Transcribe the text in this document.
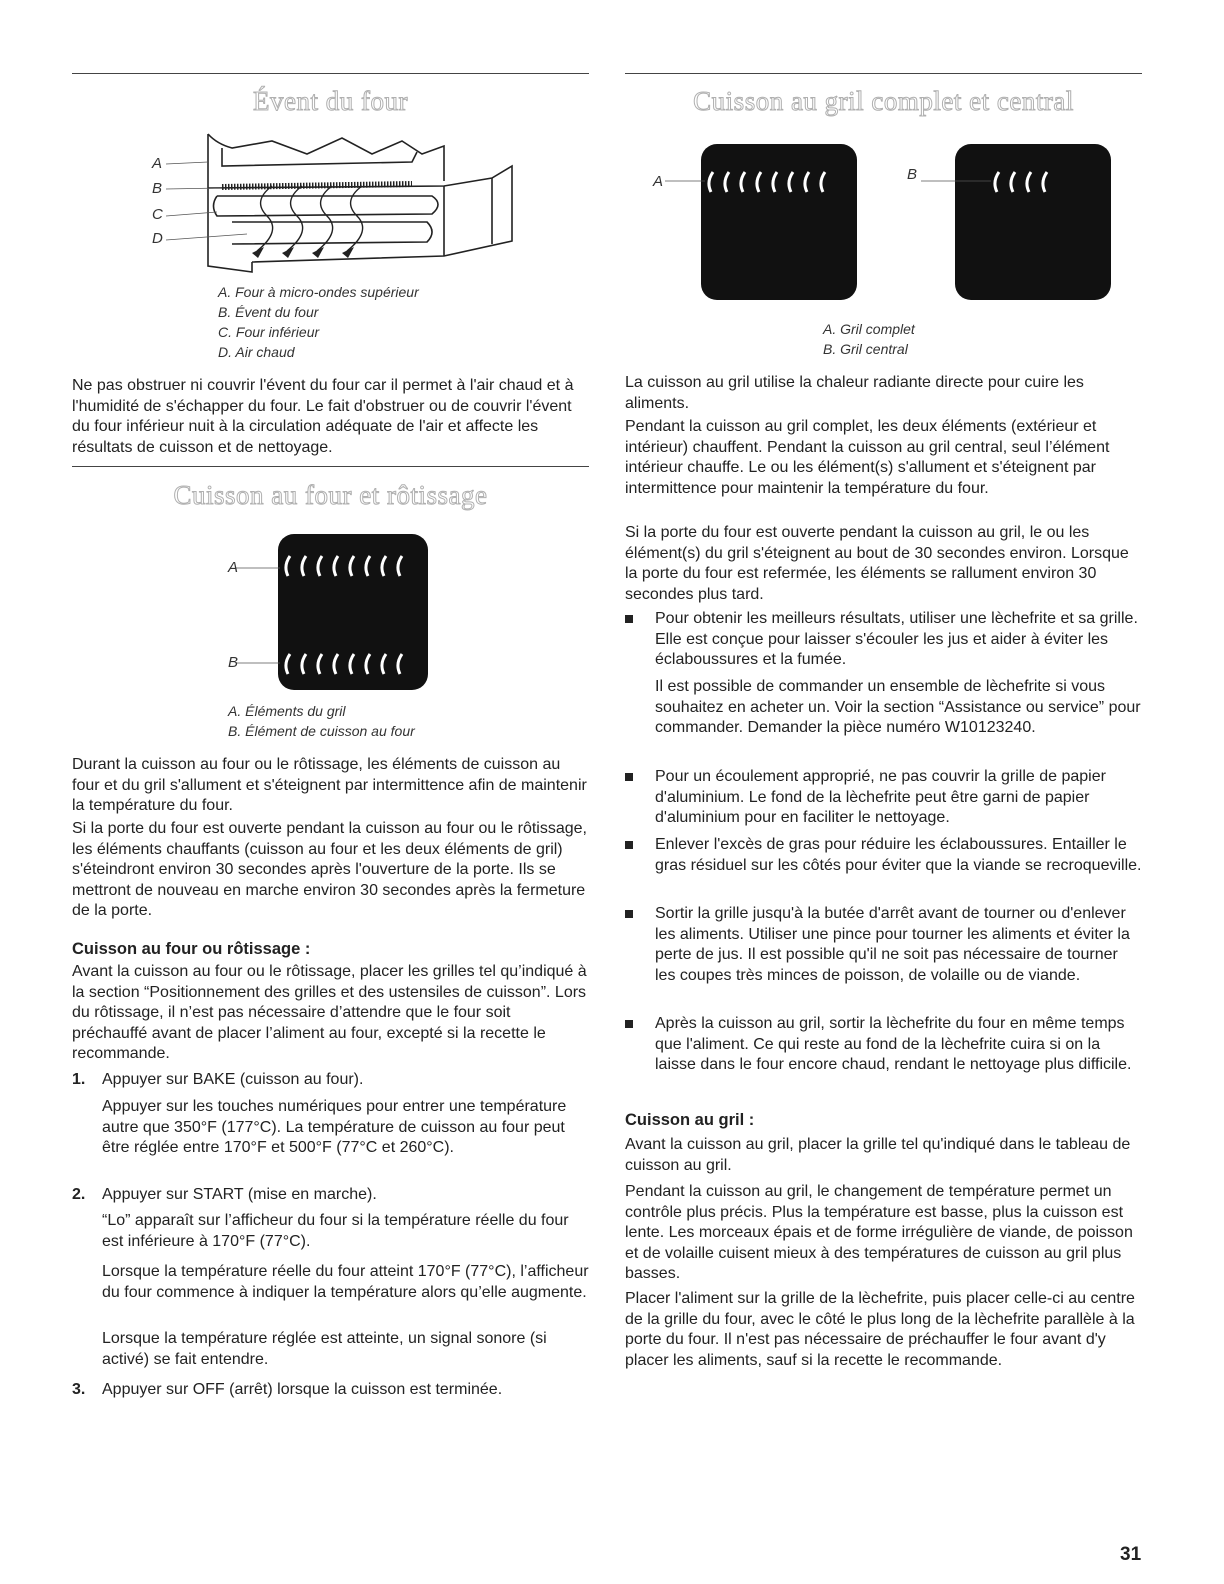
Évent du four
A
B
C
D
A. Four à micro-ondes supérieur
B. Évent du four
C. Four inférieur
D. Air chaud

Ne pas obstruer ni couvrir l'évent du four car il permet à l'air chaud et à l'humidité de s'échapper du four. Le fait d'obstruer ou de couvrir l'évent du four inférieur nuit à la circulation adéquate de l'air et affecte les résultats de cuisson et de nettoyage.

Cuisson au four et rôtissage
A
B
A. Éléments du gril
B. Élément de cuisson au four

Durant la cuisson au four ou le rôtissage, les éléments de cuisson au four et du gril s'allument et s'éteignent par intermittence afin de maintenir la température du four.

Si la porte du four est ouverte pendant la cuisson au four ou le rôtissage, les éléments chauffants (cuisson au four et les deux éléments de gril) s'éteindront environ 30 secondes après l'ouverture de la porte. Ils se mettront de nouveau en marche environ 30 secondes après la fermeture de la porte.

Cuisson au four ou rôtissage :

Avant la cuisson au four ou le rôtissage, placer les grilles tel qu’indiqué à la section “Positionnement des grilles et des ustensiles de cuisson”. Lors du rôtissage, il n’est pas nécessaire d’attendre que le four soit préchauffé avant de placer l’aliment au four, excepté si la recette le recommande.

1. Appuyer sur BAKE (cuisson au four).
Appuyer sur les touches numériques pour entrer une température autre que 350°F (177°C). La température de cuisson au four peut être réglée entre 170°F et 500°F (77°C et 260°C).
2. Appuyer sur START (mise en marche).
“Lo” apparaît sur l’afficheur du four si la température réelle du four est inférieure à 170°F (77°C).
Lorsque la température réelle du four atteint 170°F (77°C), l’afficheur du four commence à indiquer la température alors qu’elle augmente.
Lorsque la température réglée est atteinte, un signal sonore (si activé) se fait entendre.
3. Appuyer sur OFF (arrêt) lorsque la cuisson est terminée.
Cuisson au gril complet et central
A	B
A. Gril complet
B. Gril central

La cuisson au gril utilise la chaleur radiante directe pour cuire les aliments.

Pendant la cuisson au gril complet, les deux éléments (extérieur et intérieur) chauffent. Pendant la cuisson au gril central, seul l’élément intérieur chauffe. Le ou les élément(s) s'allument et s'éteignent par intermittence pour maintenir la température du four.

Si la porte du four est ouverte pendant la cuisson au gril, le ou les élément(s) du gril s'éteignent au bout de 30 secondes environ. Lorsque la porte du four est refermée, les éléments se rallument environ 30 secondes plus tard.

Pour obtenir les meilleurs résultats, utiliser une lèchefrite et sa grille. Elle est conçue pour laisser s'écouler les jus et aider à éviter les éclaboussures et la fumée.
Il est possible de commander un ensemble de lèchefrite si vous souhaitez en acheter un. Voir la section “Assistance ou service” pour commander. Demander la pièce numéro W10123240.
Pour un écoulement approprié, ne pas couvrir la grille de papier d'aluminium. Le fond de la lèchefrite peut être garni de papier d'aluminium pour en faciliter le nettoyage.
Enlever l'excès de gras pour réduire les éclaboussures. Entailler le gras résiduel sur les côtés pour éviter que la viande se recroqueville.
Sortir la grille jusqu'à la butée d'arrêt avant de tourner ou d'enlever les aliments. Utiliser une pince pour tourner les aliments et éviter la perte de jus. Il est possible qu'il ne soit pas nécessaire de tourner les coupes très minces de poisson, de volaille ou de viande.
Après la cuisson au gril, sortir la lèchefrite du four en même temps que l'aliment. Ce qui reste au fond de la lèchefrite cuira si on la laisse dans le four encore chaud, rendant le nettoyage plus difficile.
Cuisson au gril :

Avant la cuisson au gril, placer la grille tel qu'indiqué dans le tableau de cuisson au gril.

Pendant la cuisson au gril, le changement de température permet un contrôle plus précis. Plus la température est basse, plus la cuisson est lente. Les morceaux épais et de forme irrégulière de viande, de poisson et de volaille cuisent mieux à des températures de cuisson au gril plus basses.

Placer l'aliment sur la grille de la lèchefrite, puis placer celle-ci au centre de la grille du four, avec le côté le plus long de la lèchefrite parallèle à la porte du four. Il n'est pas nécessaire de préchauffer le four avant d'y placer les aliments, sauf si la recette le recommande.

31
